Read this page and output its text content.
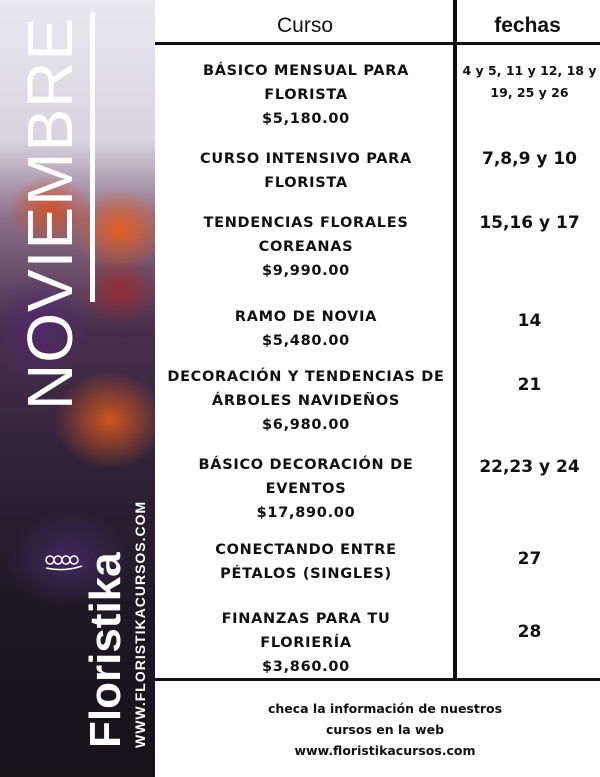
NOVIEMBRE
Floristika WWW.FLORISTIKACURSOS.COM
Curso	fechas
BÁSICO MENSUAL PARA FLORISTA
$5,180.00
4 y 5, 11 y 12, 18 y 19, 25 y 26
CURSO INTENSIVO PARA FLORISTA
7,8,9 y 10
TENDENCIAS FLORALES COREANAS
$9,990.00
15,16 y 17
RAMO DE NOVIA
$5,480.00
14
DECORACIÓN Y TENDENCIAS DE ÁRBOLES NAVIDEÑOS
$6,980.00
21
BÁSICO DECORACIÓN DE EVENTOS
$17,890.00
22,23 y 24
CONECTANDO ENTRE PÉTALOS (SINGLES)
27
FINANZAS PARA TU FLORIERÍA
$3,860.00
28
checa la información de nuestros
cursos en la web
www.floristikacursos.com
